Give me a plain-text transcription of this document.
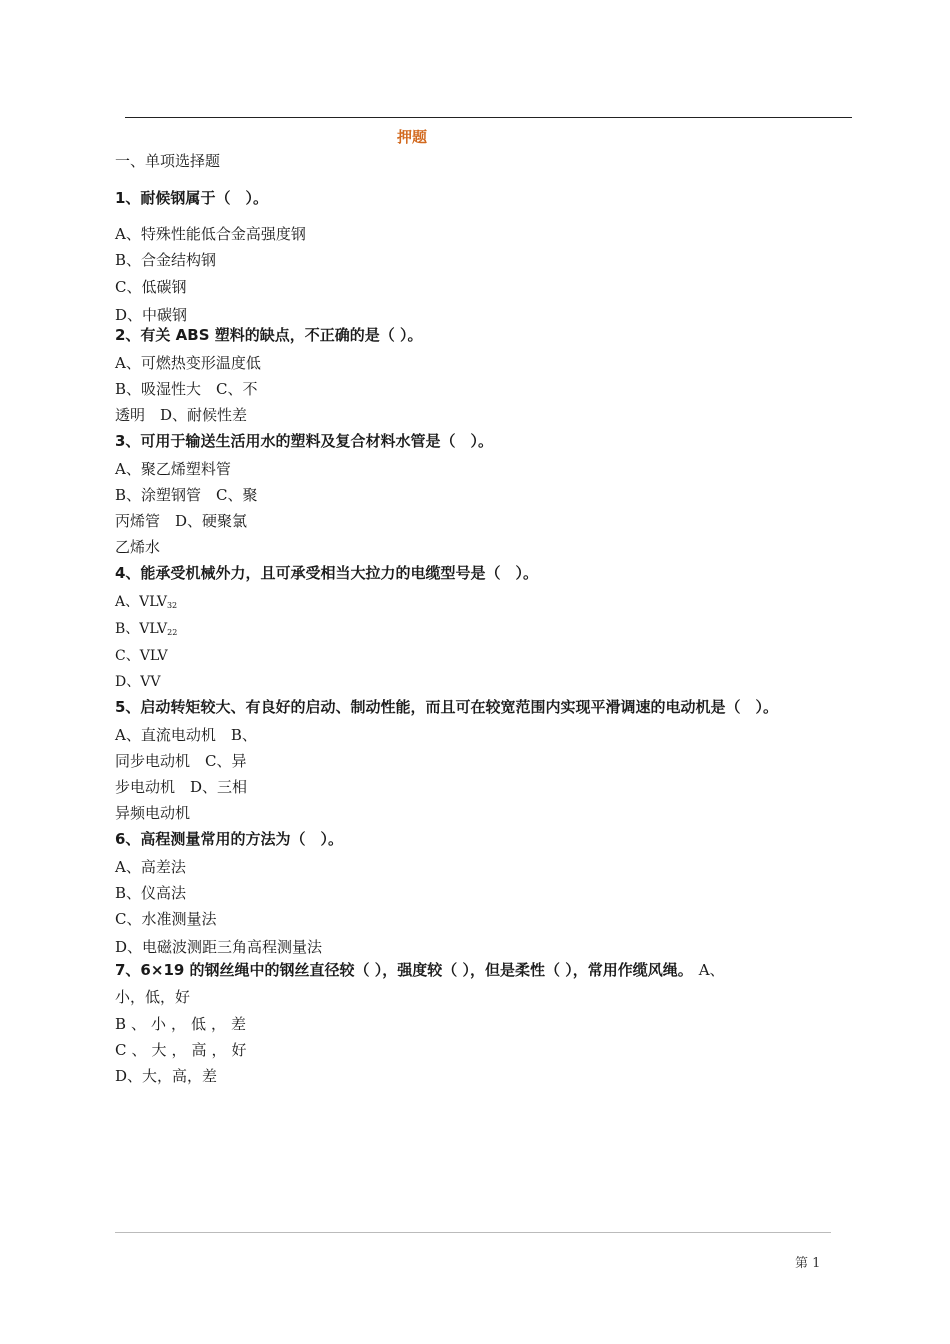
押题
一、单项选择题
1、耐候钢属于（　）。
A、特殊性能低合金高强度钢
B、合金结构钢
C、低碳钢
D、中碳钢
2、有关 ABS 塑料的缺点，不正确的是（ ）。
A、可燃热变形温度低
B、吸湿性大　C、不
透明　D、耐候性差
3、可用于输送生活用水的塑料及复合材料水管是（　）。
A、聚乙烯塑料管
B、涂塑钢管　C、聚
丙烯管　D、硬聚氯
乙烯水
4、能承受机械外力，且可承受相当大拉力的电缆型号是（　）。
A、$VLV_{32}$
B、$VLV_{22}$
C、VLV
D、VV
5、启动转矩较大、有良好的启动、制动性能，而且可在较宽范围内实现平滑调速的电动机是（　）。
A、直流电动机　B、
同步电动机　C、异
步电动机　D、三相
异频电动机
6、高程测量常用的方法为（　）。
A、高差法
B、仪高法
C、水准测量法
D、电磁波测距三角高程测量法
7、6×19 的钢丝绳中的钢丝直径较（ ），强度较（ ），但是柔性（ ），常用作缆风绳。 A、
小，低，好
B、小，低，差
C、大，高，好
D、大，高，差
第 1
